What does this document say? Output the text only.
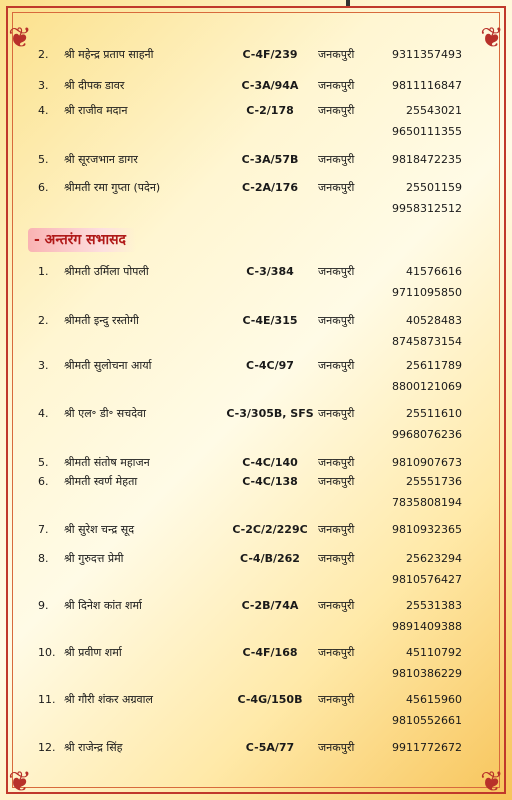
❦	❦
❦	❦
2. श्री महेन्द्र प्रताप साहनी	C-4F/239	जनकपुरी	9311357493
3. श्री दीपक डावर	C-3A/94A	जनकपुरी	9811116847
4. श्री राजीव मदान	C-2/178	जनकपुरी	25543021
9650111355
5. श्री सूरजभान डागर	C-3A/57B	जनकपुरी	9818472235
6. श्रीमती रमा गुप्ता (पदेन)	C-2A/176	जनकपुरी	25501159
9958312512
1. श्रीमती उर्मिला पोपली	C-3/384	जनकपुरी	41576616
9711095850
2. श्रीमती इन्दु रस्तोगी	C-4E/315	जनकपुरी	40528483
8745873154
3. श्रीमती सुलोचना आर्या	C-4C/97	जनकपुरी	25611789
8800121069
4. श्री एल॰ डी॰ सचदेवा	C-3/305B, SFS जनकपुरी	25511610
9968076236
5. श्रीमती संतोष महाजन	C-4C/140	जनकपुरी	9810907673
6. श्रीमती स्वर्ण मेहता	C-4C/138	जनकपुरी	25551736
7835808194
7. श्री सुरेश चन्द्र सूद	C-2C/2/229C जनकपुरी	9810932365
8. श्री गुरुदत्त प्रेमी	C-4/B/262	जनकपुरी	25623294
9810576427
9. श्री दिनेश कांत शर्मा	C-2B/74A	जनकपुरी	25531383
9891409388
10. श्री प्रवीण शर्मा	C-4F/168	जनकपुरी	45110792
9810386229
11. श्री गौरी शंकर अग्रवाल	C-4G/150B	जनकपुरी	45615960
9810552661
12. श्री राजेन्द्र सिंह	C-5A/77	जनकपुरी	9911772672
- अन्तरंग सभासद
